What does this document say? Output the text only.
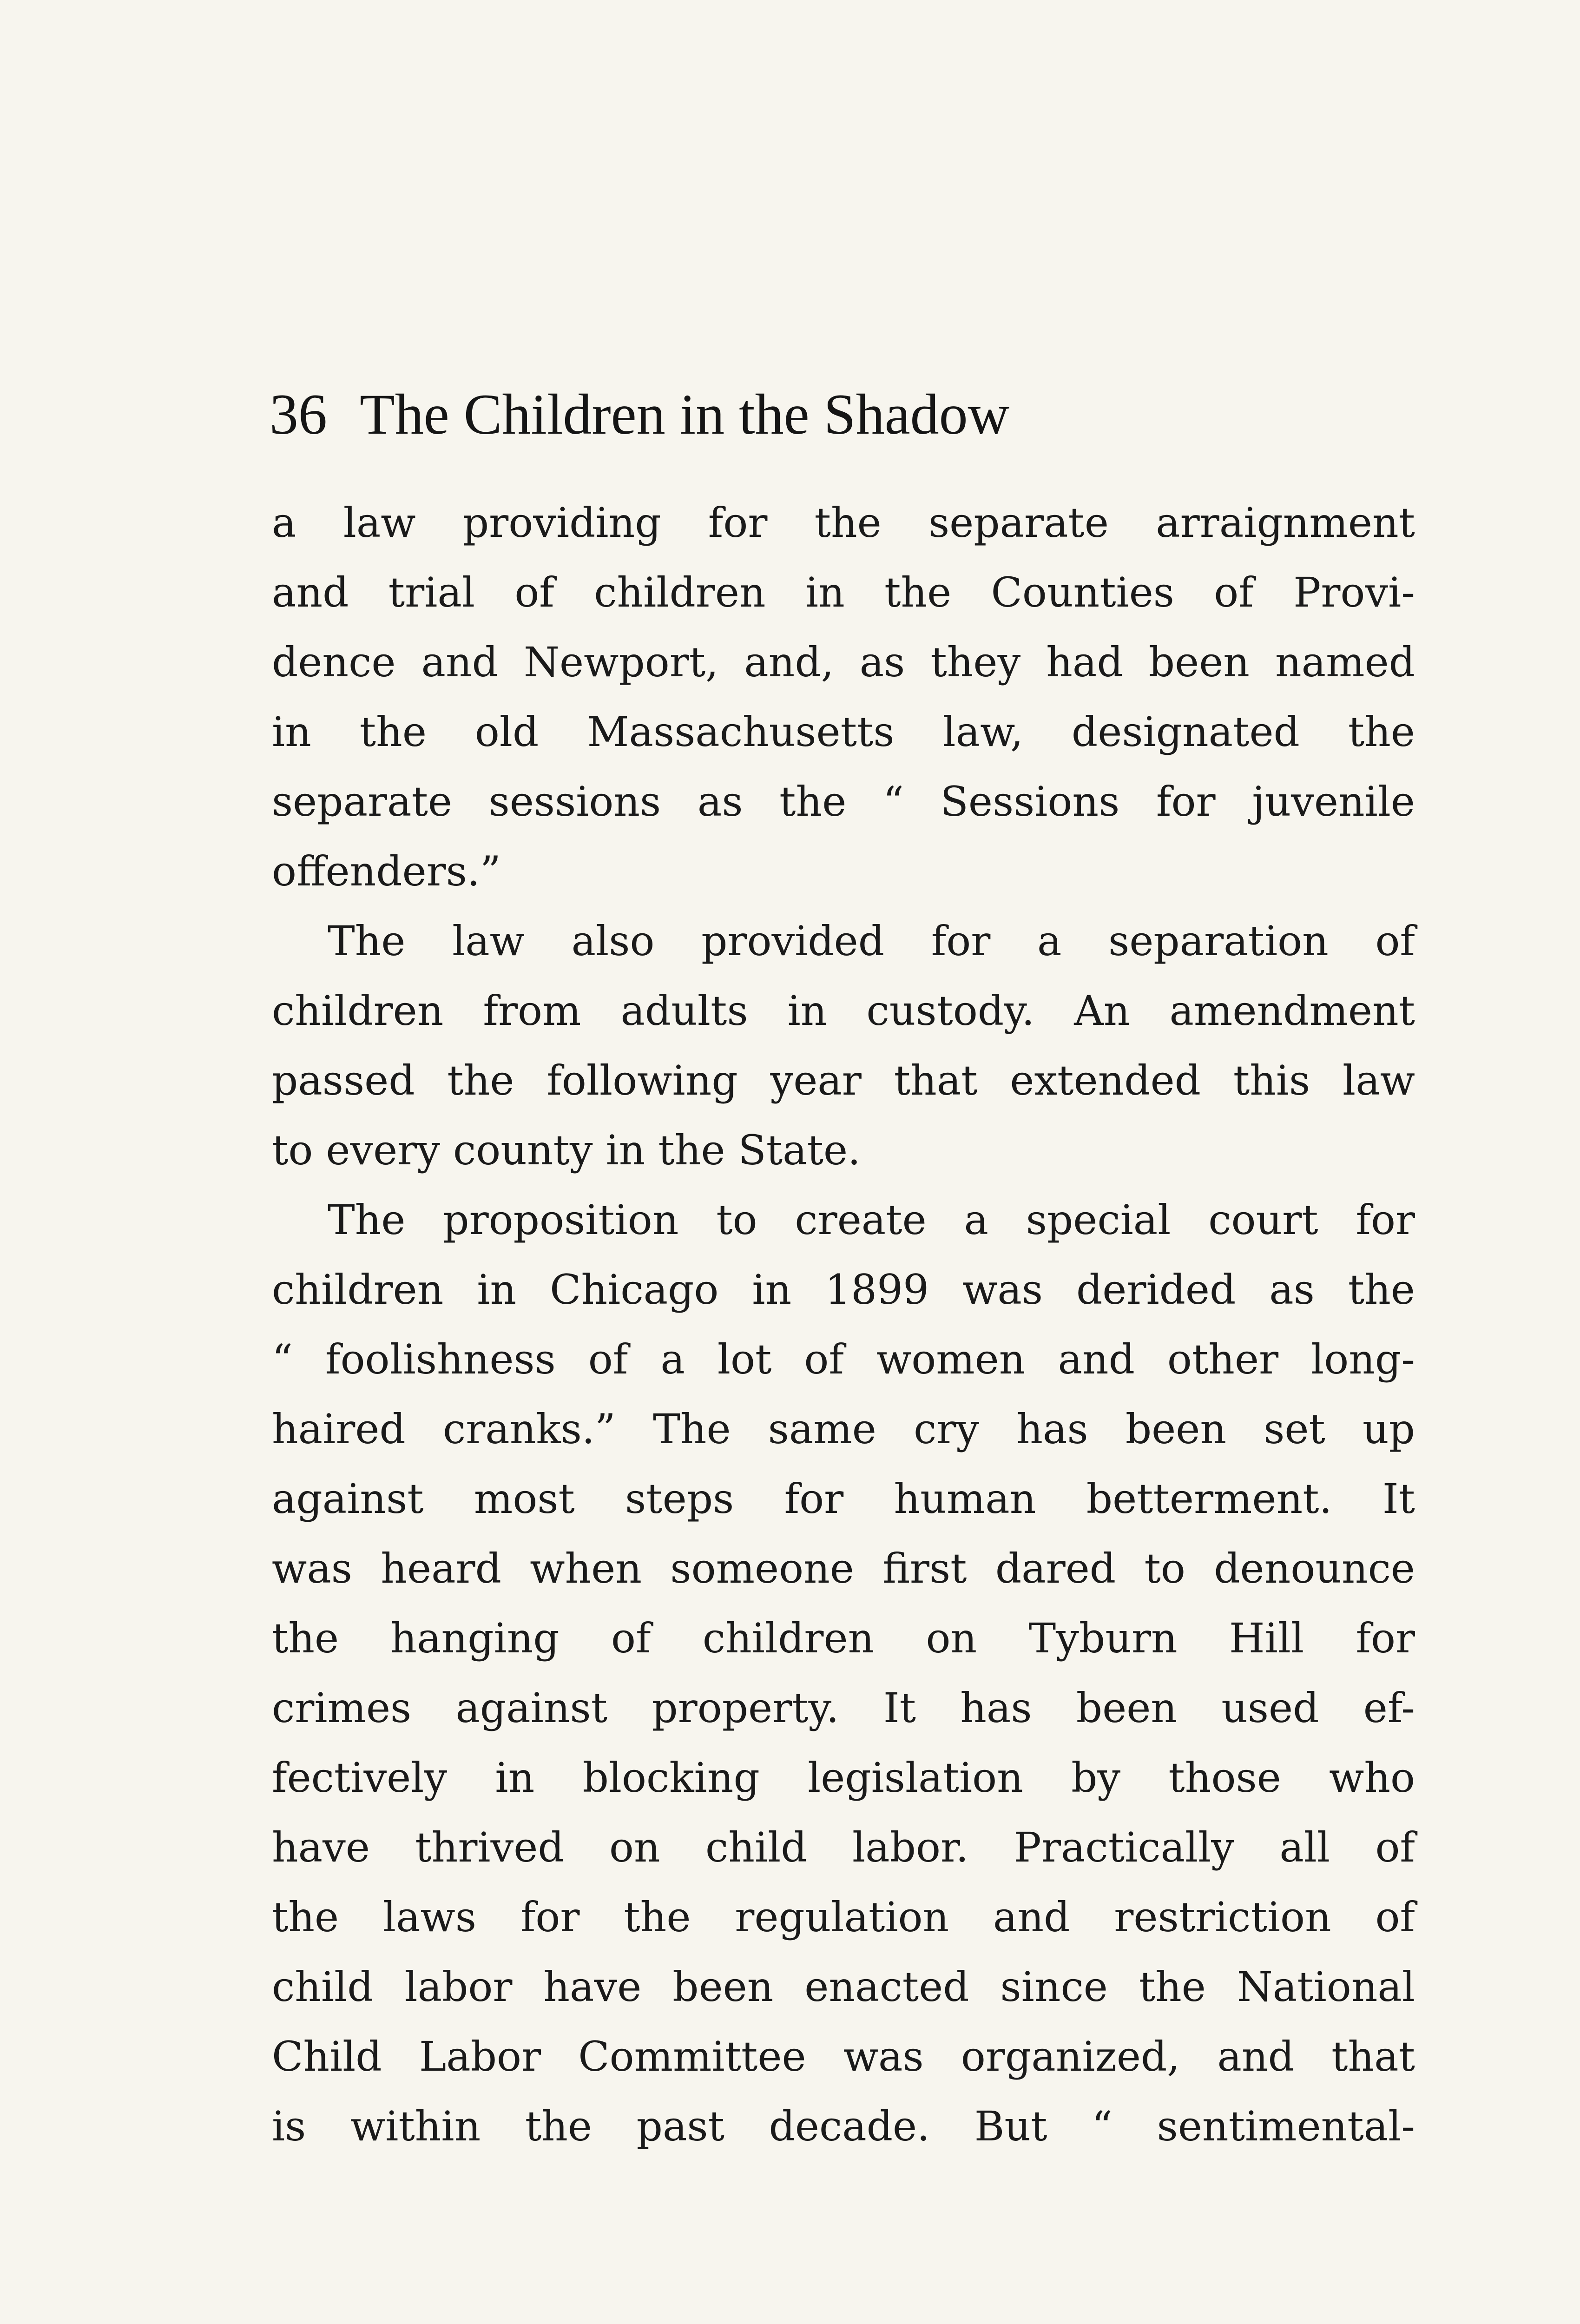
36 The Children in the Shadow
a law providing for the separate arraignment
and trial of children in the Counties of Provi-
dence and Newport, and, as they had been named
in the old Massachusetts law, designated the
separate sessions as the “ Sessions for juvenile
offenders.”
The law also provided for a separation of
children from adults in custody. An amendment
passed the following year that extended this law
to every county in the State.
The proposition to create a special court for
children in Chicago in 1899 was derided as the
“ foolishness of a lot of women and other long-
haired cranks.” The same cry has been set up
against most steps for human betterment. It
was heard when someone first dared to denounce
the hanging of children on Tyburn Hill for
crimes against property. It has been used ef-
fectively in blocking legislation by those who
have thrived on child labor. Practically all of
the laws for the regulation and restriction of
child labor have been enacted since the National
Child Labor Committee was organized, and that
is within the past decade. But “ sentimental-
